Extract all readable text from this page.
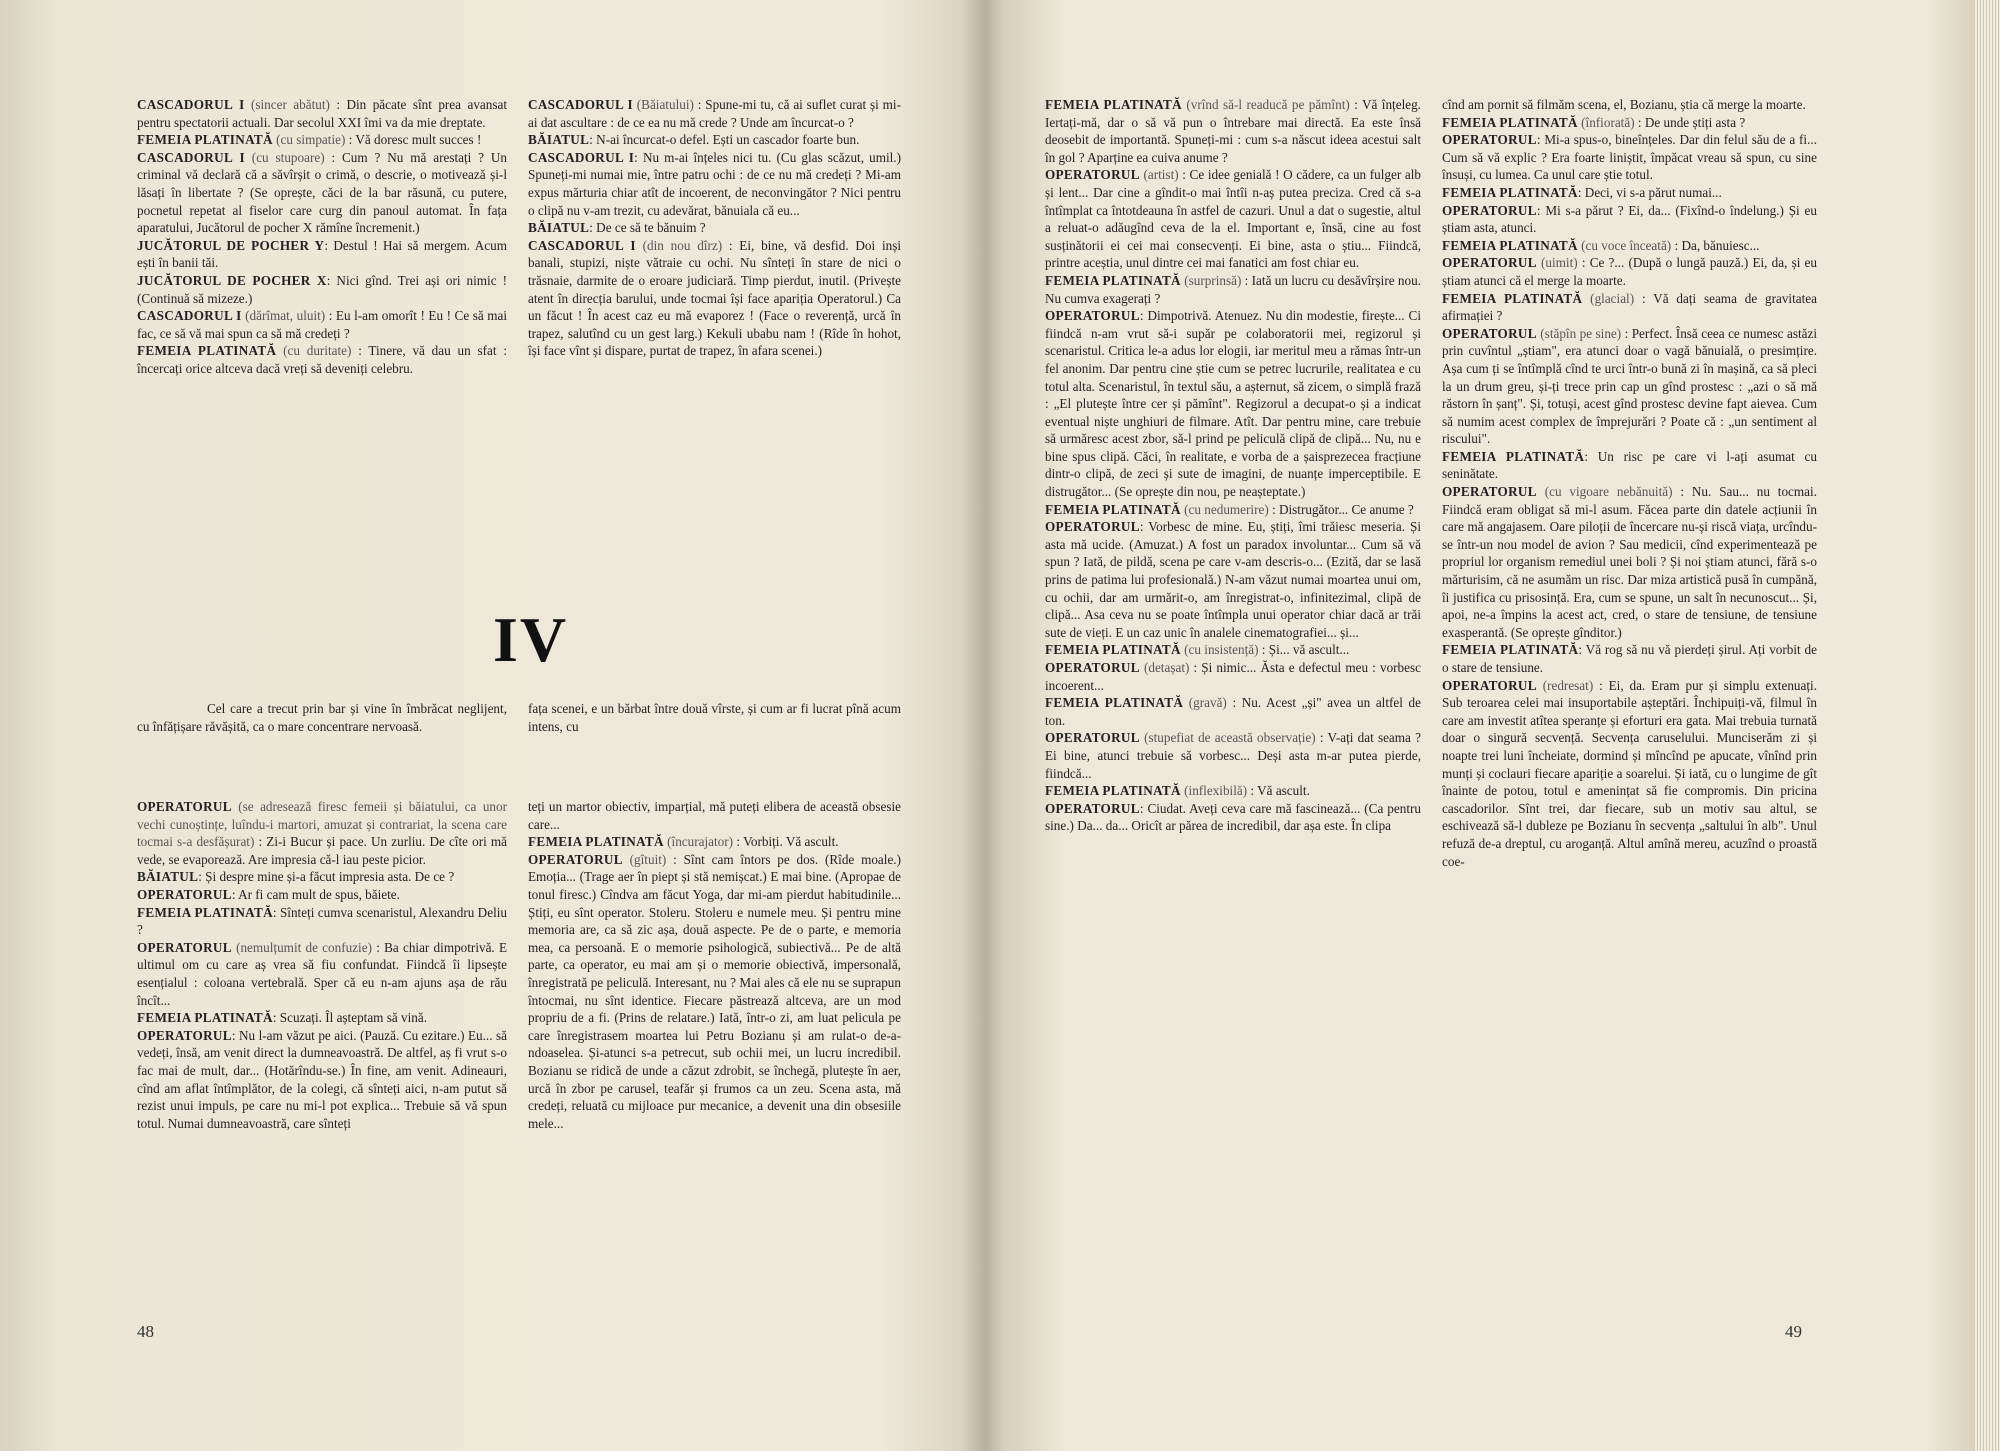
CASCADORUL I (sincer abătut) : Din păcate sînt prea avansat pentru spectatorii actuali. Dar secolul XXI îmi va da mie dreptate.

FEMEIA PLATINATĂ (cu simpatie) : Vă doresc mult succes !

CASCADORUL I (cu stupoare) : Cum ? Nu mă arestați ? Un criminal vă declară că a săvîrșit o crimă, o descrie, o motivează și-l lăsați în libertate ? (Se oprește, căci de la bar răsună, cu putere, pocnetul repetat al fiselor care curg din panoul automat. În fața aparatului, Jucătorul de pocher X rămîne încremenit.)

JUCĂTORUL DE POCHER Y: Destul ! Hai să mergem. Acum ești în banii tăi.

JUCĂTORUL DE POCHER X: Nici gînd. Trei ași ori nimic ! (Continuă să mizeze.)

CASCADORUL I (dărîmat, uluit) : Eu l-am omorît ! Eu ! Ce să mai fac, ce să vă mai spun ca să mă credeți ?

FEMEIA PLATINATĂ (cu duritate) : Tinere, vă dau un sfat : încercați orice altceva dacă vreți să deveniți celebru.

CASCADORUL I (Băiatului) : Spune-mi tu, că ai suflet curat și mi-ai dat ascultare : de ce ea nu mă crede ? Unde am încurcat-o ?

BĂIATUL: N-ai încurcat-o defel. Ești un cascador foarte bun.

CASCADORUL I: Nu m-ai înțeles nici tu. (Cu glas scăzut, umil.) Spuneți-mi numai mie, între patru ochi : de ce nu mă credeți ? Mi-am expus mărturia chiar atît de incoerent, de neconvingător ? Nici pentru o clipă nu v-am trezit, cu adevărat, bănuiala că eu...

BĂIATUL: De ce să te bănuim ?

CASCADORUL I (din nou dîrz) : Ei, bine, vă desfid. Doi inși banali, stupizi, niște vătraie cu ochi. Nu sînteți în stare de nici o trăsnaie, darmite de o eroare judiciară. Timp pierdut, inutil. (Privește atent în direcția barului, unde tocmai își face apariția Operatorul.) Ca un făcut ! În acest caz eu mă evaporez ! (Face o reverență, urcă în trapez, salutînd cu un gest larg.) Kekuli ubabu nam ! (Rîde în hohot, își face vînt și dispare, purtat de trapez, în afara scenei.)

IV
Cel care a trecut prin bar și vine în îmbrăcat neglijent, cu înfățișare răvășită, ca o mare concentrare nervoasă.
fața scenei, e un bărbat între două vîrste, și cum ar fi lucrat pînă acum intens, cu

OPERATORUL (se adresează firesc femeii și băiatului, ca unor vechi cunoștințe, luîndu-i martori, amuzat și contrariat, la scena care tocmai s-a desfășurat) : Zi-i Bucur și pace. Un zurliu. De cîte ori mă vede, se evaporează. Are impresia că-l iau peste picior.

BĂIATUL: Și despre mine și-a făcut impresia asta. De ce ?

OPERATORUL: Ar fi cam mult de spus, băiete.

FEMEIA PLATINATĂ: Sînteți cumva scenaristul, Alexandru Deliu ?

OPERATORUL (nemulțumit de confuzie) : Ba chiar dimpotrivă. E ultimul om cu care aș vrea să fiu confundat. Fiindcă îi lipsește esențialul : coloana vertebrală. Sper că eu n-am ajuns așa de rău încît...

FEMEIA PLATINATĂ: Scuzați. Îl așteptam să vină.

OPERATORUL: Nu l-am văzut pe aici. (Pauză. Cu ezitare.) Eu... să vedeți, însă, am venit direct la dumneavoastră. De altfel, aș fi vrut s-o fac mai de mult, dar... (Hotărîndu-se.) În fine, am venit. Adineauri, cînd am aflat întîmplător, de la colegi, că sînteți aici, n-am putut să rezist unui impuls, pe care nu mi-l pot explica... Trebuie să vă spun totul. Numai dumneavoastră, care sînteți

teți un martor obiectiv, imparțial, mă puteți elibera de această obsesie care...

FEMEIA PLATINATĂ (încurajator) : Vorbiți. Vă ascult.

OPERATORUL (gîtuit) : Sînt cam întors pe dos. (Rîde moale.) Emoția... (Trage aer în piept și stă nemișcat.) E mai bine. (Apropae de tonul firesc.) Cîndva am făcut Yoga, dar mi-am pierdut habitudinile... Știți, eu sînt operator. Stoleru. Stoleru e numele meu. Și pentru mine memoria are, ca să zic așa, două aspecte. Pe de o parte, e memoria mea, ca persoană. E o memorie psihologică, subiectivă... Pe de altă parte, ca operator, eu mai am și o memorie obiectivă, impersonală, înregistrată pe peliculă. Interesant, nu ? Mai ales că ele nu se suprapun întocmai, nu sînt identice. Fiecare păstrează altceva, are un mod propriu de a fi. (Prins de relatare.) Iată, într-o zi, am luat pelicula pe care înregistrasem moartea lui Petru Bozianu și am rulat-o de-a-ndoaselea. Și-atunci s-a petrecut, sub ochii mei, un lucru incredibil. Bozianu se ridică de unde a căzut zdrobit, se închegă, plutește în aer, urcă în zbor pe carusel, teafăr și frumos ca un zeu. Scena asta, mă credeți, reluată cu mijloace pur mecanice, a devenit una din obsesiile mele...

48

FEMEIA PLATINATĂ (vrînd să-l readucă pe pămînt) : Vă înțeleg. Iertați-mă, dar o să vă pun o întrebare mai directă. Ea este însă deosebit de importantă. Spuneți-mi : cum s-a născut ideea acestui salt în gol ? Aparține ea cuiva anume ?

OPERATORUL (artist) : Ce idee genială ! O cădere, ca un fulger alb și lent... Dar cine a gîndit-o mai întîi n-aș putea preciza. Cred că s-a întîmplat ca întotdeauna în astfel de cazuri. Unul a dat o sugestie, altul a reluat-o adăugînd ceva de la el. Important e, însă, cine au fost susținătorii ei cei mai consecvenți. Ei bine, asta o știu... Fiindcă, printre aceștia, unul dintre cei mai fanatici am fost chiar eu.

FEMEIA PLATINATĂ (surprinsă) : Iată un lucru cu desăvîrșire nou. Nu cumva exagerați ?

OPERATORUL: Dimpotrivă. Atenuez. Nu din modestie, firește... Ci fiindcă n-am vrut să-i supăr pe colaboratorii mei, regizorul și scenaristul. Critica le-a adus lor elogii, iar meritul meu a rămas într-un fel anonim. Dar pentru cine știe cum se petrec lucrurile, realitatea e cu totul alta. Scenaristul, în textul său, a așternut, să zicem, o simplă frază : „El plutește între cer și pămînt". Regizorul a decupat-o și a indicat eventual niște unghiuri de filmare. Atît. Dar pentru mine, care trebuie să urmăresc acest zbor, să-l prind pe peliculă clipă de clipă... Nu, nu e bine spus clipă. Căci, în realitate, e vorba de a șaisprezecea fracțiune dintr-o clipă, de zeci și sute de imagini, de nuanțe imperceptibile. E distrugător... (Se oprește din nou, pe neașteptate.)

FEMEIA PLATINATĂ (cu nedumerire) : Distrugător... Ce anume ?

OPERATORUL: Vorbesc de mine. Eu, știți, îmi trăiesc meseria. Și asta mă ucide. (Amuzat.) A fost un paradox involuntar... Cum să vă spun ? Iată, de pildă, scena pe care v-am descris-o... (Ezită, dar se lasă prins de patima lui profesională.) N-am văzut numai moartea unui om, cu ochii, dar am urmărit-o, am înregistrat-o, infinitezimal, clipă de clipă... Asa ceva nu se poate întîmpla unui operator chiar dacă ar trăi sute de vieți. E un caz unic în analele cinematografiei... și...

FEMEIA PLATINATĂ (cu insistență) : Și... vă ascult...

OPERATORUL (detașat) : Și nimic... Ăsta e defectul meu : vorbesc incoerent...

FEMEIA PLATINATĂ (gravă) : Nu. Acest „și" avea un altfel de ton.

OPERATORUL (stupefiat de această observație) : V-ați dat seama ? Ei bine, atunci trebuie să vorbesc... Deși asta m-ar putea pierde, fiindcă...

FEMEIA PLATINATĂ (inflexibilă) : Vă ascult.

OPERATORUL: Ciudat. Aveți ceva care mă fascinează... (Ca pentru sine.) Da... da... Oricît ar părea de incredibil, dar așa este. În clipa

cînd am pornit să filmăm scena, el, Bozianu, știa că merge la moarte.

FEMEIA PLATINATĂ (înfiorată) : De unde știți asta ?

OPERATORUL: Mi-a spus-o, bineînțeles. Dar din felul său de a fi... Cum să vă explic ? Era foarte liniștit, împăcat vreau să spun, cu sine însuși, cu lumea. Ca unul care știe totul.

FEMEIA PLATINATĂ: Deci, vi s-a părut numai...

OPERATORUL: Mi s-a părut ? Ei, da... (Fixînd-o îndelung.) Și eu știam asta, atunci.

FEMEIA PLATINATĂ (cu voce înceată) : Da, bănuiesc...

OPERATORUL (uimit) : Ce ?... (După o lungă pauză.) Ei, da, și eu știam atunci că el merge la moarte.

FEMEIA PLATINATĂ (glacial) : Vă dați seama de gravitatea afirmației ?

OPERATORUL (stăpîn pe sine) : Perfect. Însă ceea ce numesc astăzi prin cuvîntul „știam", era atunci doar o vagă bănuială, o presimțire. Așa cum ți se întîmplă cînd te urci într-o bună zi în mașină, ca să pleci la un drum greu, și-ți trece prin cap un gînd prostesc : „azi o să mă răstorn în șanț". Și, totuși, acest gînd prostesc devine fapt aievea. Cum să numim acest complex de împrejurări ? Poate că : „un sentiment al riscului".

FEMEIA PLATINATĂ: Un risc pe care vi l-ați asumat cu seninătate.

OPERATORUL (cu vigoare nebănuită) : Nu. Sau... nu tocmai. Fiindcă eram obligat să mi-l asum. Făcea parte din datele acțiunii în care mă angajasem. Oare piloții de încercare nu-și riscă viața, urcîndu-se într-un nou model de avion ? Sau medicii, cînd experimentează pe propriul lor organism remediul unei boli ? Și noi știam atunci, fără s-o mărturisim, că ne asumăm un risc. Dar miza artistică pusă în cumpănă, îi justifica cu prisosință. Era, cum se spune, un salt în necunoscut... Și, apoi, ne-a împins la acest act, cred, o stare de tensiune, de tensiune exasperantă. (Se oprește gînditor.)

FEMEIA PLATINATĂ: Vă rog să nu vă pierdeți șirul. Ați vorbit de o stare de tensiune.

OPERATORUL (redresat) : Ei, da. Eram pur și simplu extenuați. Sub teroarea celei mai insuportabile așteptări. Închipuiți-vă, filmul în care am investit atîtea speranțe și eforturi era gata. Mai trebuia turnată doar o singură secvență. Secvența caruselului. Munciserăm zi și noapte trei luni încheiate, dormind și mîncînd pe apucate, vînînd prin munți și coclauri fiecare apariție a soarelui. Și iată, cu o lungime de gît înainte de potou, totul e amenințat să fie compromis. Din pricina cascadorilor. Sînt trei, dar fiecare, sub un motiv sau altul, se eschivează să-l dubleze pe Bozianu în secvența „saltului în alb". Unul refuză de-a dreptul, cu aroganță. Altul amînă mereu, acuzînd o proastă coe-

49
